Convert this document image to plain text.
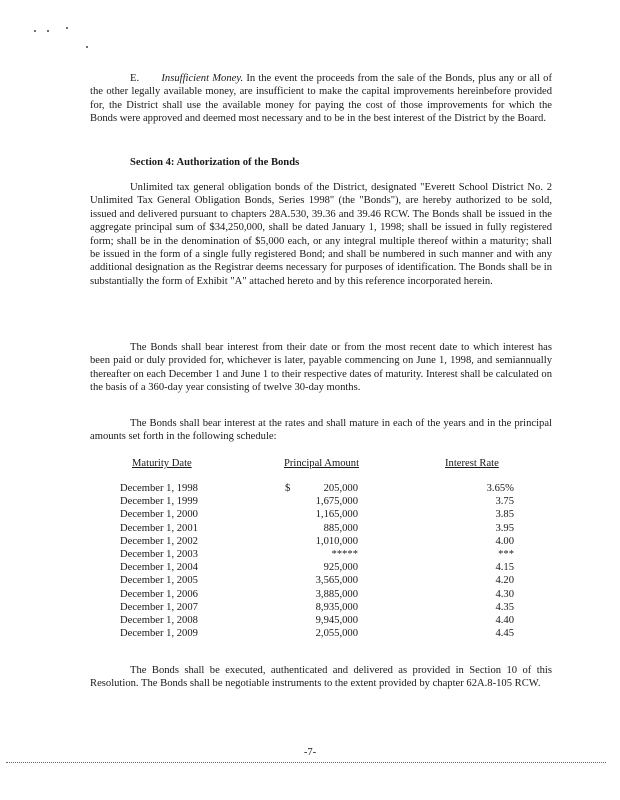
E. Insufficient Money. In the event the proceeds from the sale of the Bonds, plus any or all of the other legally available money, are insufficient to make the capital improvements hereinbefore provided for, the District shall use the available money for paying the cost of those improvements for which the Bonds were approved and deemed most necessary and to be in the best interest of the District by the Board.

Section 4: Authorization of the Bonds

Unlimited tax general obligation bonds of the District, designated "Everett School District No. 2 Unlimited Tax General Obligation Bonds, Series 1998" (the "Bonds"), are hereby authorized to be sold, issued and delivered pursuant to chapters 28A.530, 39.36 and 39.46 RCW. The Bonds shall be issued in the aggregate principal sum of $34,250,000, shall be dated January 1, 1998; shall be issued in fully registered form; shall be in the denomination of $5,000 each, or any integral multiple thereof within a maturity; shall be issued in the form of a single fully registered Bond; and shall be numbered in such manner and with any additional designation as the Registrar deems necessary for purposes of identification. The Bonds shall be in substantially the form of Exhibit "A" attached hereto and by this reference incorporated herein.

The Bonds shall bear interest from their date or from the most recent date to which interest has been paid or duly provided for, whichever is later, payable commencing on June 1, 1998, and semiannually thereafter on each December 1 and June 1 to their respective dates of maturity. Interest shall be calculated on the basis of a 360-day year consisting of twelve 30-day months.

The Bonds shall bear interest at the rates and shall mature in each of the years and in the principal amounts set forth in the following schedule:

Maturity Date	Principal Amount	Interest Rate
December 1, 1998	$	205,000	3.65%
December 1, 1999	1,675,000	3.75
December 1, 2000	1,165,000	3.85
December 1, 2001	885,000	3.95
December 1, 2002	1,010,000	4.00
December 1, 2003	*****	***
December 1, 2004	925,000	4.15
December 1, 2005	3,565,000	4.20
December 1, 2006	3,885,000	4.30
December 1, 2007	8,935,000	4.35
December 1, 2008	9,945,000	4.40
December 1, 2009	2,055,000	4.45

The Bonds shall be executed, authenticated and delivered as provided in Section 10 of this Resolution. The Bonds shall be negotiable instruments to the extent provided by chapter 62A.8-105 RCW.

-7-
